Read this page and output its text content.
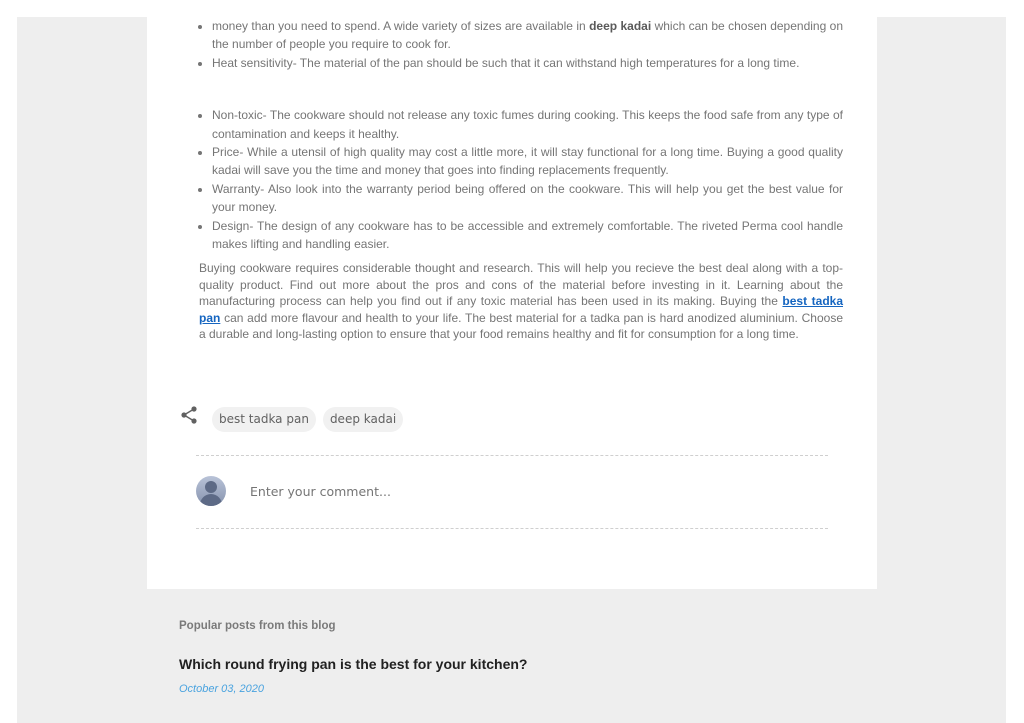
• money than you need to spend. A wide variety of sizes are available in deep kadai which can be chosen depending on the number of people you require to cook for.
• Heat sensitivity- The material of the pan should be such that it can withstand high temperatures for a long time.
• Non-toxic- The cookware should not release any toxic fumes during cooking. This keeps the food safe from any type of contamination and keeps it healthy.
• Price- While a utensil of high quality may cost a little more, it will stay functional for a long time. Buying a good quality kadai will save you the time and money that goes into finding replacements frequently.
• Warranty- Also look into the warranty period being offered on the cookware. This will help you get the best value for your money.
• Design- The design of any cookware has to be accessible and extremely comfortable. The riveted Perma cool handle makes lifting and handling easier.

Buying cookware requires considerable thought and research. This will help you recieve the best deal along with a top-quality product. Find out more about the pros and cons of the material before investing in it. Learning about the manufacturing process can help you find out if any toxic material has been used in its making. Buying the best tadka pan can add more flavour and health to your life. The best material for a tadka pan is hard anodized aluminium. Choose a durable and long-lasting option to ensure that your food remains healthy and fit for consumption for a long time.

best tadka pan	deep kadai
Enter your comment...
Popular posts from this blog
Which round frying pan is the best for your kitchen?
October 03, 2020
